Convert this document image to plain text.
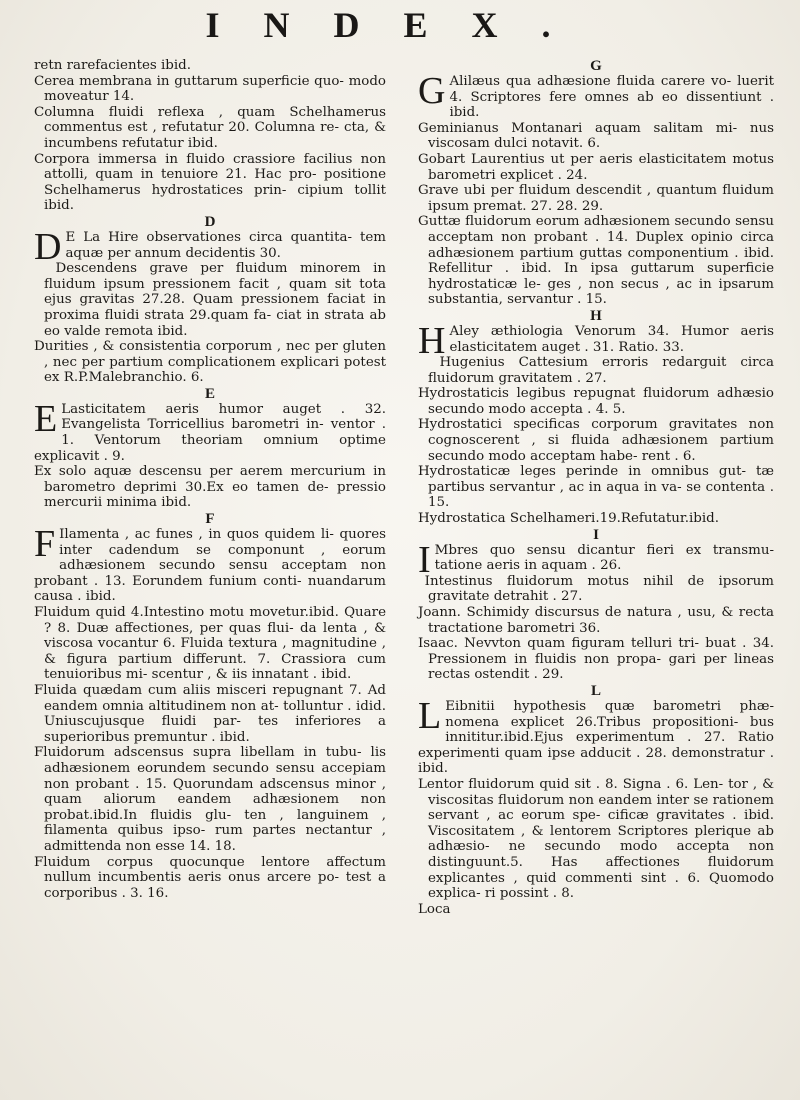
INDEX.

retn rarefacientes ibid.

Cerea membrana in guttarum superficie quo- modo moveatur 14.

Columna fluidi reflexa , quam Schelhamerus commentus est , refutatur 20. Columna re- cta, & incumbens refutatur ibid.

Corpora immersa in fluido crassiore facilius non attolli, quam in tenuiore 21. Hac pro- positione Schelhamerus hydrostatices prin- cipium tollit ibid.

D
D E La Hire observationes circa quantita- tem aquæ per annum decidentis 30.

Descendens grave per fluidum minorem in fluidum ipsum pressionem facit , quam sit tota ejus gravitas 27.28. Quam pressionem faciat in proxima fluidi strata 29.quam fa- ciat in strata ab eo valde remota ibid.

Durities , & consistentia corporum , nec per gluten , nec per partium complicationem explicari potest ex R.P.Malebranchio. 6.

E
E Lasticitatem aeris humor auget . 32. Evangelista Torricellius barometri in- ventor . 1. Ventorum theoriam omnium optime explicavit . 9.

Ex solo aquæ descensu per aerem mercurium in barometro deprimi 30.Ex eo tamen de- pressio mercurii minima ibid.

F
F Ilamenta , ac funes , in quos quidem li- quores inter cadendum se componunt , eorum adhæsionem secundo sensu acceptam non probant . 13. Eorundem funium conti- nuandarum causa . ibid.

Fluidum quid 4.Intestino motu movetur.ibid. Quare ? 8. Duæ affectiones, per quas flui- da lenta , & viscosa vocantur 6. Fluida textura , magnitudine , & figura partium differunt. 7. Crassiora cum tenuioribus mi- scentur , & iis innatant . ibid.

Fluida quædam cum aliis misceri repugnant 7. Ad eandem omnia altitudinem non at- tolluntur . idid. Uniuscujusque fluidi par- tes inferiores a superioribus premuntur . ibid.

Fluidorum adscensus supra libellam in tubu- lis adhæsionem eorundem secundo sensu accepiam non probant . 15. Quorundam adscensus minor , quam aliorum eandem adhæsionem non probat.ibid.In fluidis glu- ten , languinem , filamenta quibus ipso- rum partes nectantur , admittenda non esse 14. 18.

Fluidum corpus quocunque lentore affectum nullum incumbentis aeris onus arcere po- test a corporibus . 3. 16.

G
G Alilæus qua adhæsione fluida carere vo- luerit 4. Scriptores fere omnes ab eo dissentiunt . ibid.

Geminianus Montanari aquam salitam mi- nus viscosam dulci notavit. 6.

Gobart Laurentius ut per aeris elasticitatem motus barometri explicet . 24.

Grave ubi per fluidum descendit , quantum fluidum ipsum premat. 27. 28. 29.

Guttæ fluidorum eorum adhæsionem secundo sensu acceptam non probant . 14. Duplex opinio circa adhæsionem partium guttas componentium . ibid. Refellitur . ibid. In ipsa guttarum superficie hydrostaticæ le- ges , non secus , ac in ipsarum substantia, servantur . 15.

H
H Aley æthiologia Venorum 34. Humor aeris elasticitatem auget . 31. Ratio. 33.

Hugenius Cattesium erroris redarguit circa fluidorum gravitatem . 27.

Hydrostaticis legibus repugnat fluidorum adhæsio secundo modo accepta . 4. 5.

Hydrostatici specificas corporum gravitates non cognoscerent , si fluida adhæsionem partium secundo modo acceptam habe- rent . 6.

Hydrostaticæ leges perinde in omnibus gut- tæ partibus servantur , ac in aqua in va- se contenta . 15.

Hydrostatica Schelhameri.19.Refutatur.ibid.

I
I Mbres quo sensu dicantur fieri ex transmu- tatione aeris in aquam . 26.

Intestinus fluidorum motus nihil de ipsorum gravitate detrahit . 27.

Joann. Schimidy discursus de natura , usu, & recta tractatione barometri 36.

Isaac. Nevvton quam figuram telluri tri- buat . 34. Pressionem in fluidis non propa- gari per lineas rectas ostendit . 29.

L
L Eibnitii hypothesis quæ barometri phæ- nomena explicet 26.Tribus propositioni- bus innititur.ibid.Ejus experimentum . 27. Ratio experimenti quam ipse adducit . 28. demonstratur . ibid.

Lentor fluidorum quid sit . 8. Signa . 6. Len- tor , & viscositas fluidorum non eandem inter se rationem servant , ac eorum spe- cificæ gravitates . ibid. Viscositatem , & lentorem Scriptores plerique ab adhæsio- ne secundo modo accepta non distinguunt.5. Has affectiones fluidorum explicantes , quid commenti sint . 6. Quomodo explica- ri possint . 8.

Loca
